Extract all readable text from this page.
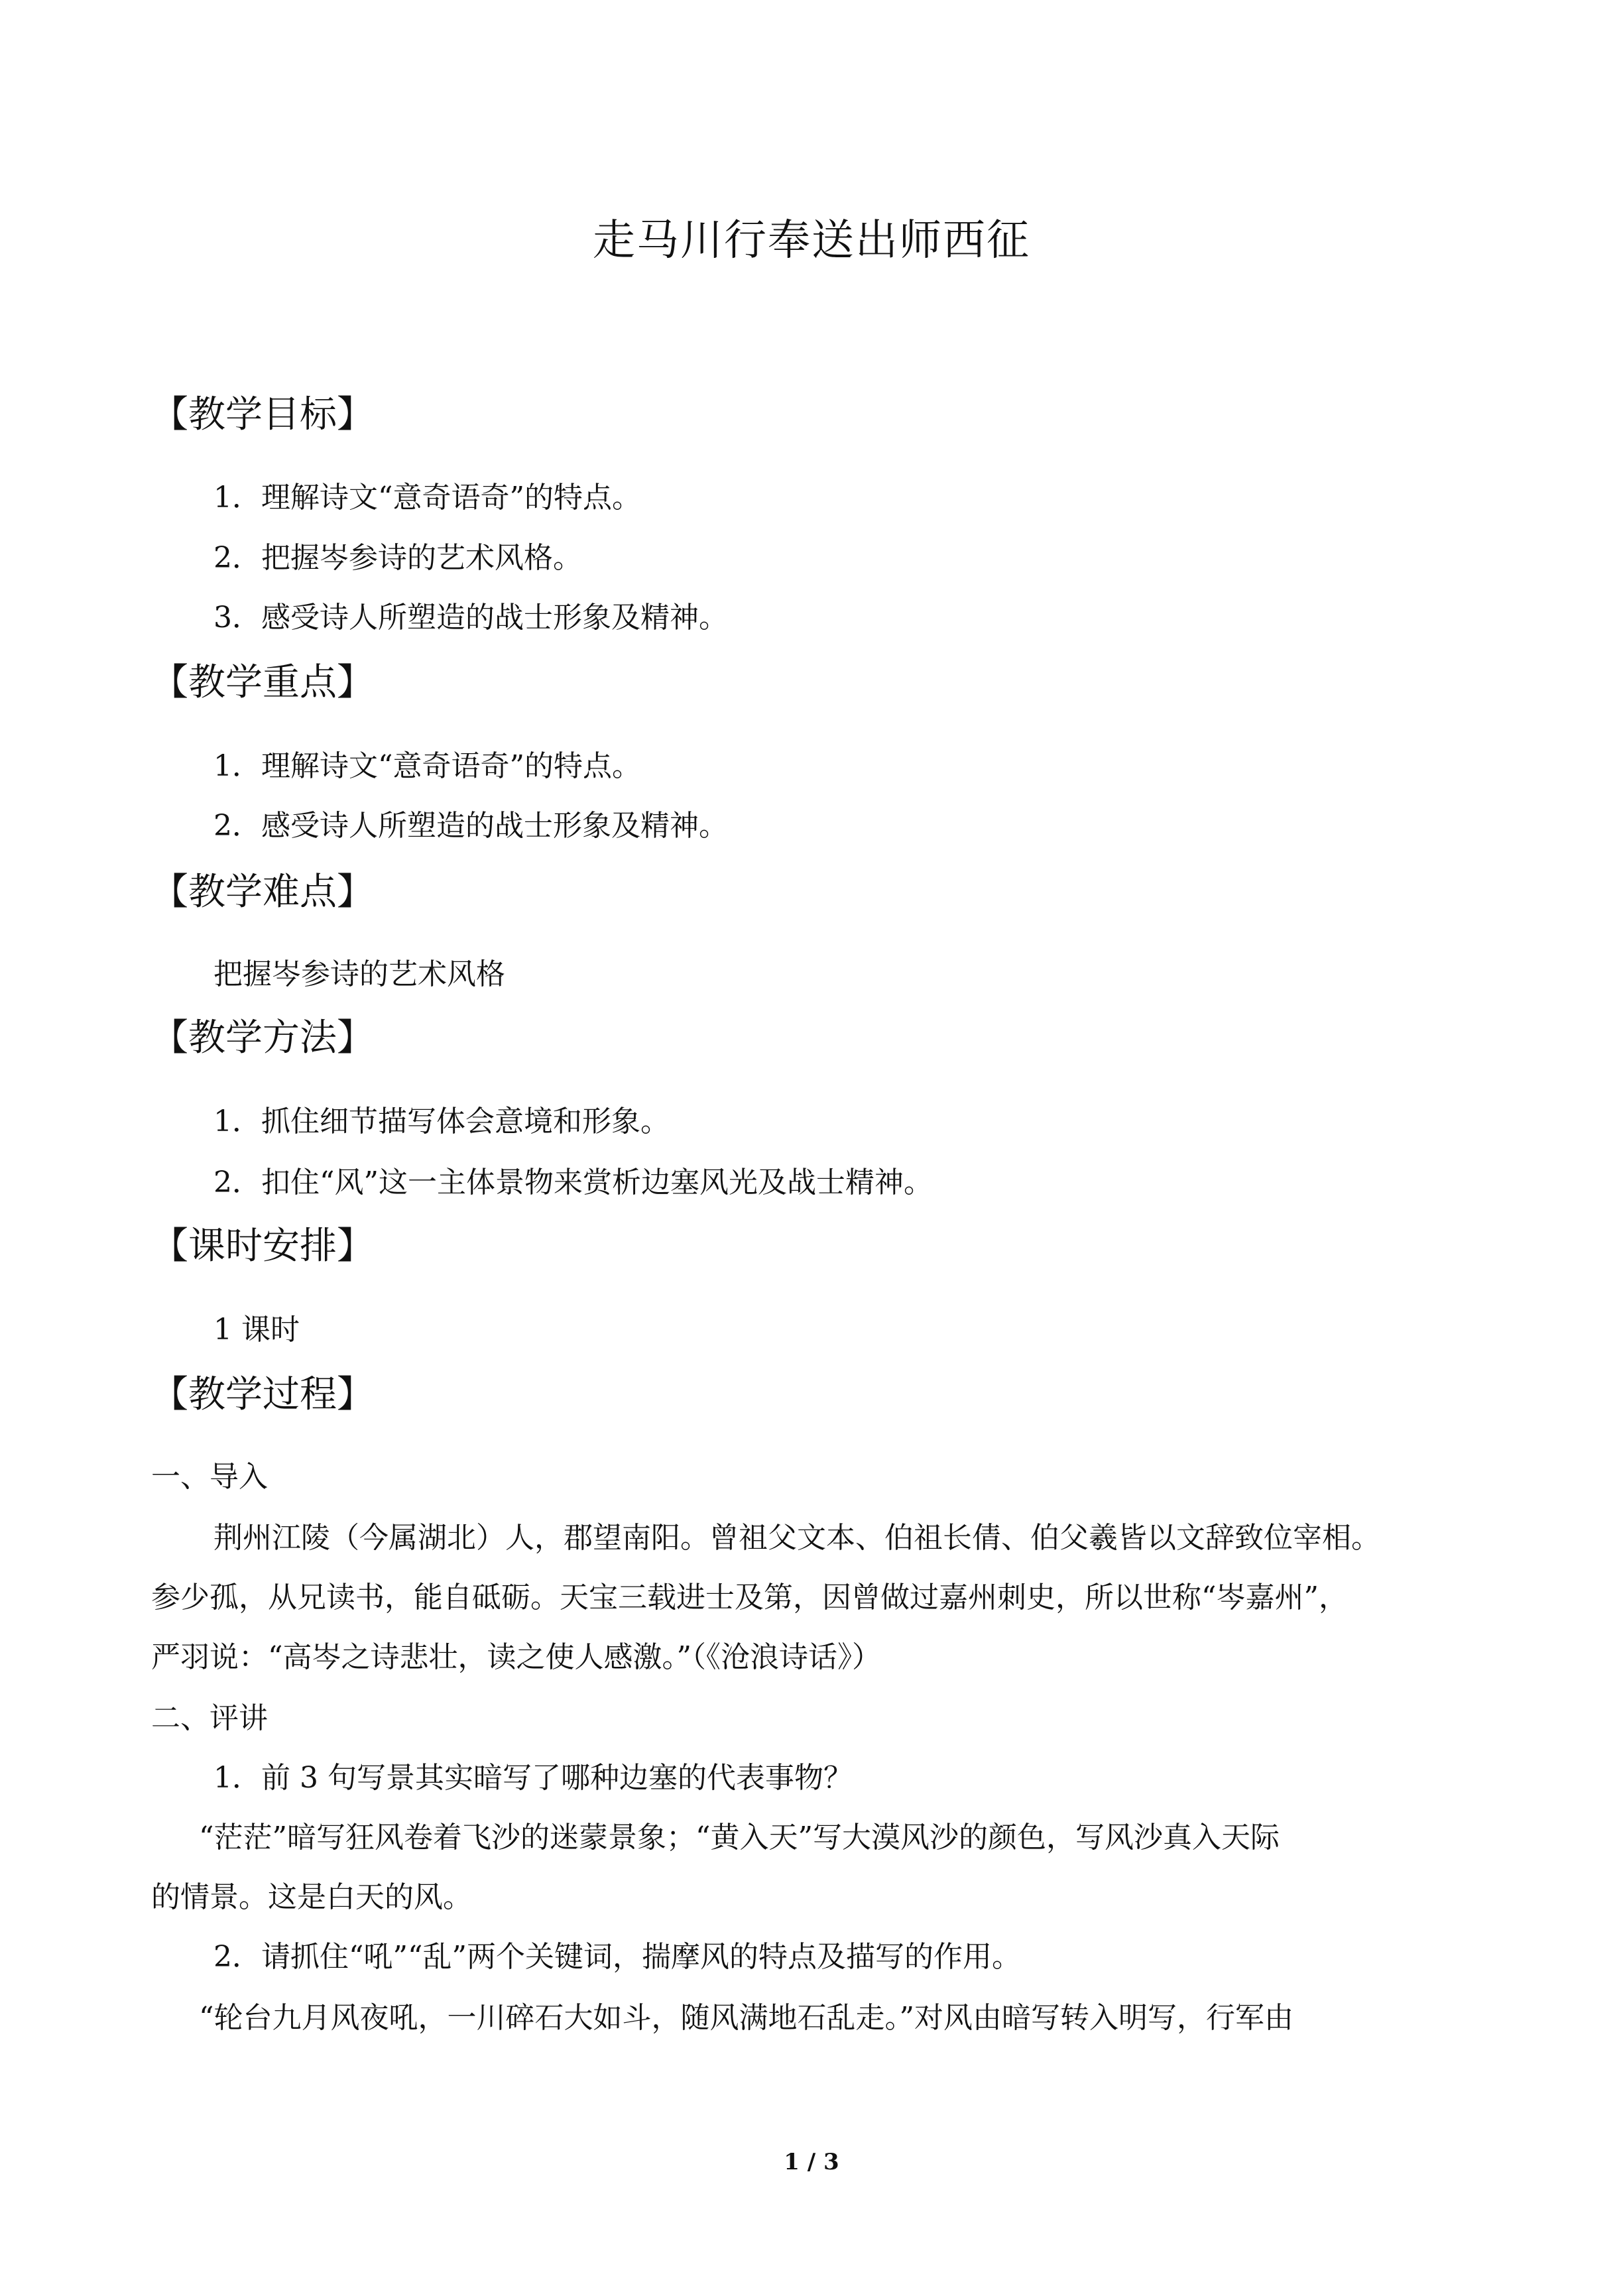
走马川行奉送出师西征
【教学目标】
1．理解诗文“意奇语奇”的特点。
2．把握岑参诗的艺术风格。
3．感受诗人所塑造的战士形象及精神。
【教学重点】
1．理解诗文“意奇语奇”的特点。
2．感受诗人所塑造的战士形象及精神。
【教学难点】
把握岑参诗的艺术风格
【教学方法】
1．抓住细节描写体会意境和形象。
2．扣住“风”这一主体景物来赏析边塞风光及战士精神。
【课时安排】
1 课时
【教学过程】
一、导入
荆州江陵（今属湖北）人，郡望南阳。曾祖父文本、伯祖长倩、伯父羲皆以文辞致位宰相。
参少孤，从兄读书，能自砥砺。天宝三载进士及第，因曾做过嘉州刺史，所以世称“岑嘉州”，
严羽说：“高岑之诗悲壮，读之使人感激。”（《沧浪诗话》）
二、评讲
1．前 3 句写景其实暗写了哪种边塞的代表事物？
“茫茫”暗写狂风卷着飞沙的迷蒙景象；“黄入天”写大漠风沙的颜色，写风沙真入天际
的情景。这是白天的风。
2．请抓住“吼”“乱”两个关键词，揣摩风的特点及描写的作用。
“轮台九月风夜吼，一川碎石大如斗，随风满地石乱走。”对风由暗写转入明写，行军由
1 / 3
